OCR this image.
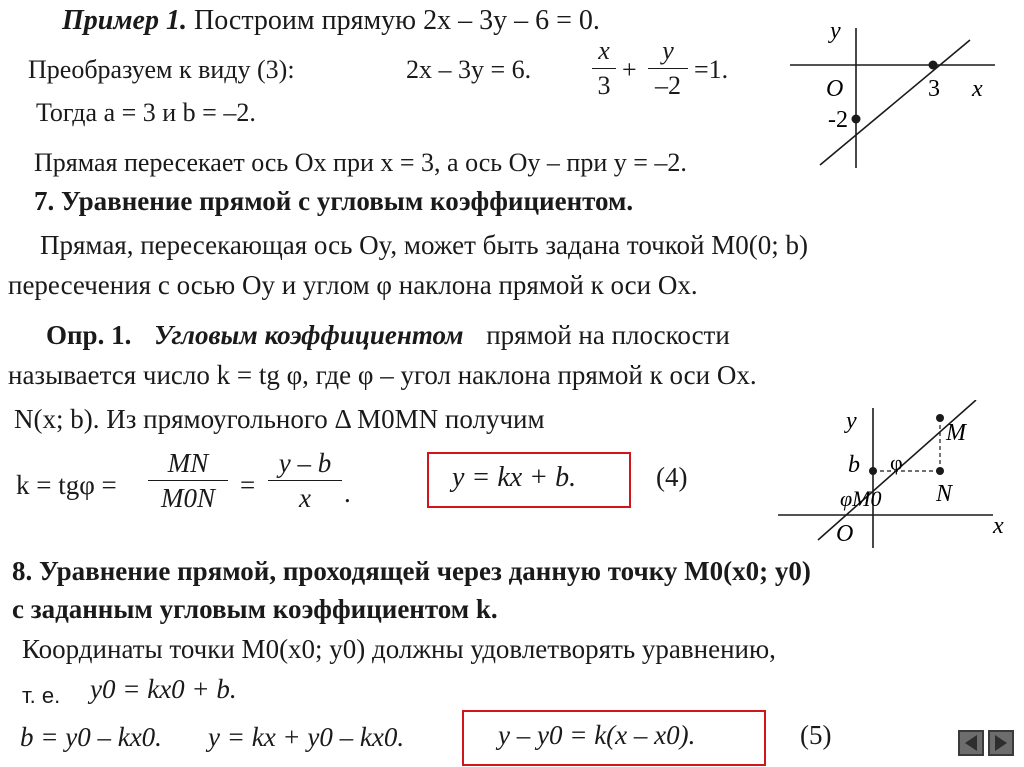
Пример 1. Построим прямую 2x – 3y – 6 = 0.
Преобразуем к виду (3):	2x – 3y = 6.
x
3
+
y
–2
=1.
Тогда a = 3 и b = –2.
Прямая пересекает ось Ox при x = 3, а ось Oy – при y = –2.
y
x
O	3
-2
7. Уравнение прямой с угловым коэффициентом.
Прямая, пересекающая ось Oy, может быть задана точкой M0(0; b)
пересечения с осью Oy и углом φ наклона прямой к оси Ox.
Опр. 1. Угловым коэффициентом прямой на плоскости
называется число k = tg φ, где φ – угол наклона прямой к оси Ox.
N(x; b). Из прямоугольного Δ M0MN получим
k = tgφ =
MN
M0N =
y – b
x	.	y = kx + b.	(4)
y
x
O
b φ
φM0
M
N
8. Уравнение прямой, проходящей через данную точку M0(x0; y0)
с заданным угловым коэффициентом k.
Координаты точки M0(x0; y0) должны удовлетворять уравнению,
т. е. y0 = kx0 + b.
b = y0 – kx0. y = kx + y0 – kx0.	y – y0 = k(x – x0).	(5)
